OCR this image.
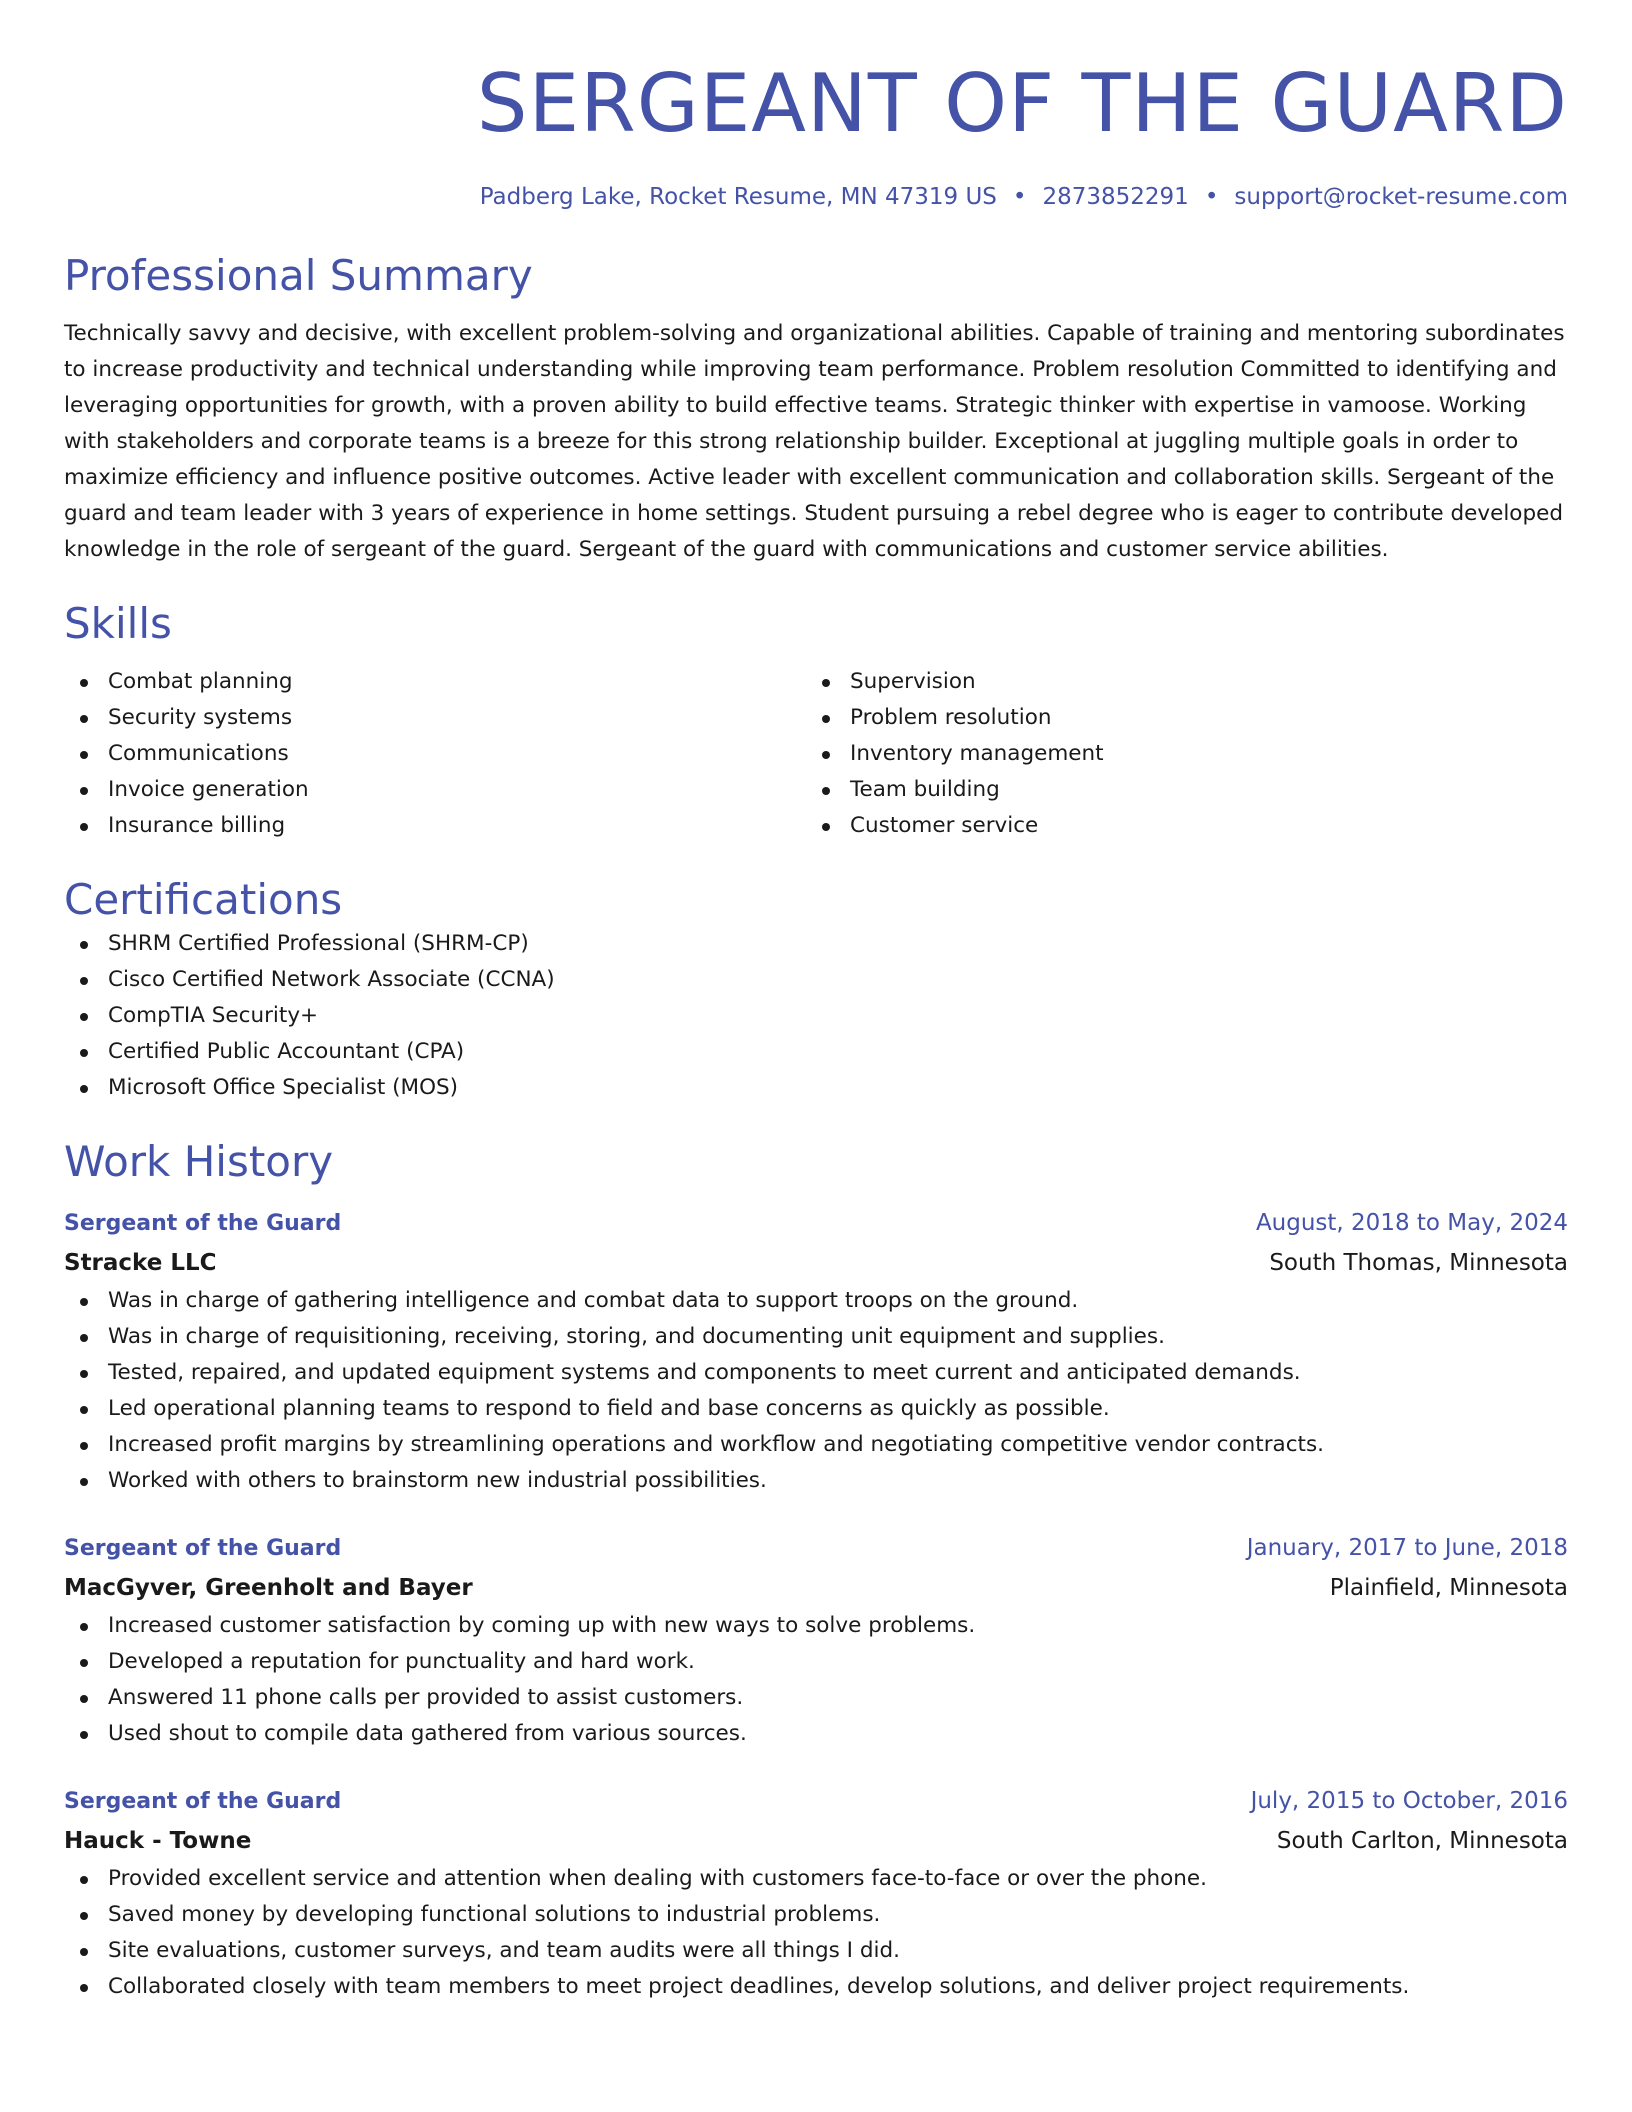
SERGEANT OF THE GUARD
Padberg Lake, Rocket Resume, MN 47319 US • 2873852291 • support@rocket-resume.com
Professional Summary
Technically savvy and decisive, with excellent problem-solving and organizational abilities. Capable of training and mentoring subordinates to increase productivity and technical understanding while improving team performance. Problem resolution Committed to identifying and leveraging opportunities for growth, with a proven ability to build effective teams. Strategic thinker with expertise in vamoose. Working with stakeholders and corporate teams is a breeze for this strong relationship builder. Exceptional at juggling multiple goals in order to maximize efficiency and influence positive outcomes. Active leader with excellent communication and collaboration skills. Sergeant of the guard and team leader with 3 years of experience in home settings. Student pursuing a rebel degree who is eager to contribute developed knowledge in the role of sergeant of the guard. Sergeant of the guard with communications and customer service abilities.
Skills
Combat planning
Security systems
Communications
Invoice generation
Insurance billing
Supervision
Problem resolution
Inventory management
Team building
Customer service
Certifications
SHRM Certified Professional (SHRM-CP)
Cisco Certified Network Associate (CCNA)
CompTIA Security+
Certified Public Accountant (CPA)
Microsoft Office Specialist (MOS)
Work History
Sergeant of the Guard	August, 2018 to May, 2024
Stracke LLC	South Thomas, Minnesota
Was in charge of gathering intelligence and combat data to support troops on the ground.
Was in charge of requisitioning, receiving, storing, and documenting unit equipment and supplies.
Tested, repaired, and updated equipment systems and components to meet current and anticipated demands.
Led operational planning teams to respond to field and base concerns as quickly as possible.
Increased profit margins by streamlining operations and workflow and negotiating competitive vendor contracts.
Worked with others to brainstorm new industrial possibilities.
Sergeant of the Guard	January, 2017 to June, 2018
MacGyver, Greenholt and Bayer	Plainfield, Minnesota
Increased customer satisfaction by coming up with new ways to solve problems.
Developed a reputation for punctuality and hard work.
Answered 11 phone calls per provided to assist customers.
Used shout to compile data gathered from various sources.
Sergeant of the Guard	July, 2015 to October, 2016
Hauck - Towne	South Carlton, Minnesota
Provided excellent service and attention when dealing with customers face-to-face or over the phone.
Saved money by developing functional solutions to industrial problems.
Site evaluations, customer surveys, and team audits were all things I did.
Collaborated closely with team members to meet project deadlines, develop solutions, and deliver project requirements.
